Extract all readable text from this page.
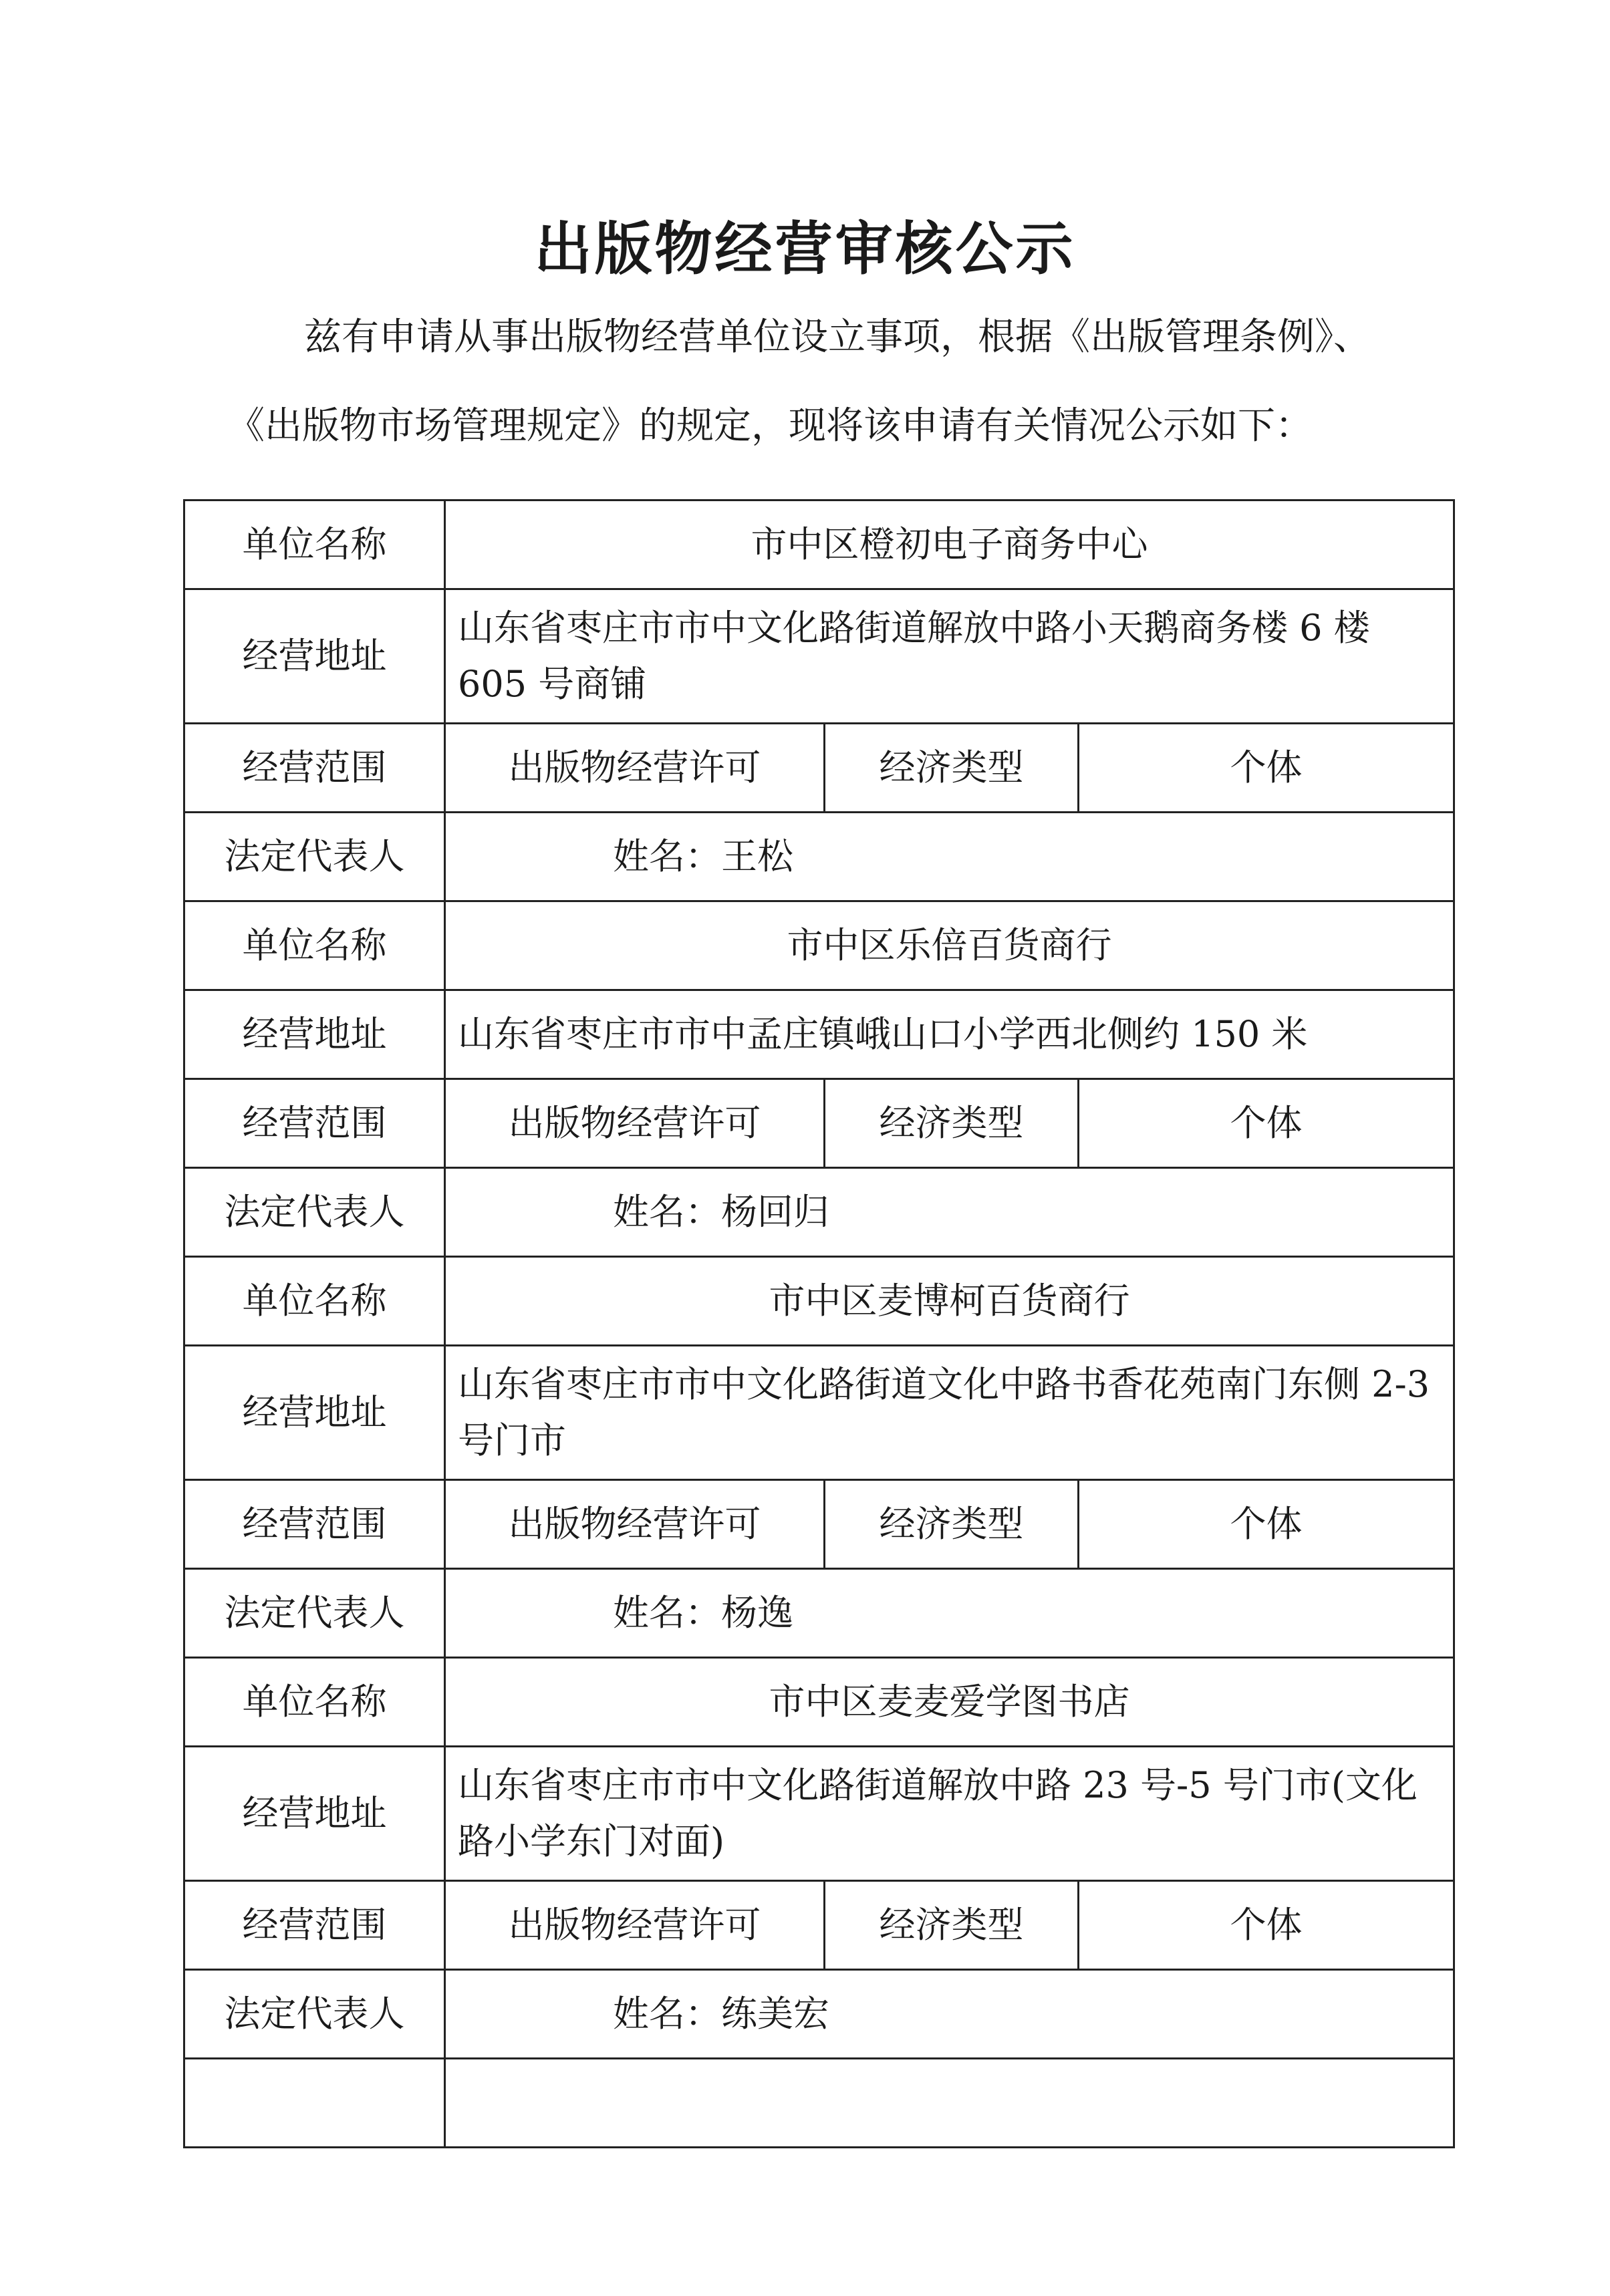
出版物经营审核公示
兹有申请从事出版物经营单位设立事项，根据《出版管理条例》、
《出版物市场管理规定》的规定，现将该申请有关情况公示如下：
单位名称	市中区橙初电子商务中心		
经营地址	山东省枣庄市市中文化路街道解放中路小天鹅商务楼 6 楼 605 号商铺		
经营范围	出版物经营许可	经济类型	个体
法定代表人	姓名：王松		
单位名称	市中区乐倍百货商行		
经营地址	山东省枣庄市市中孟庄镇峨山口小学西北侧约 150 米		
经营范围	出版物经营许可	经济类型	个体
法定代表人	姓名：杨回归		
单位名称	市中区麦博柯百货商行		
经营地址	山东省枣庄市市中文化路街道文化中路书香花苑南门东侧 2-3 号门市		
经营范围	出版物经营许可	经济类型	个体
法定代表人	姓名：杨逸		
单位名称	市中区麦麦爱学图书店		
经营地址	山东省枣庄市市中文化路街道解放中路 23 号-5 号门市(文化路小学东门对面)		
经营范围	出版物经营许可	经济类型	个体
法定代表人	姓名：练美宏		
